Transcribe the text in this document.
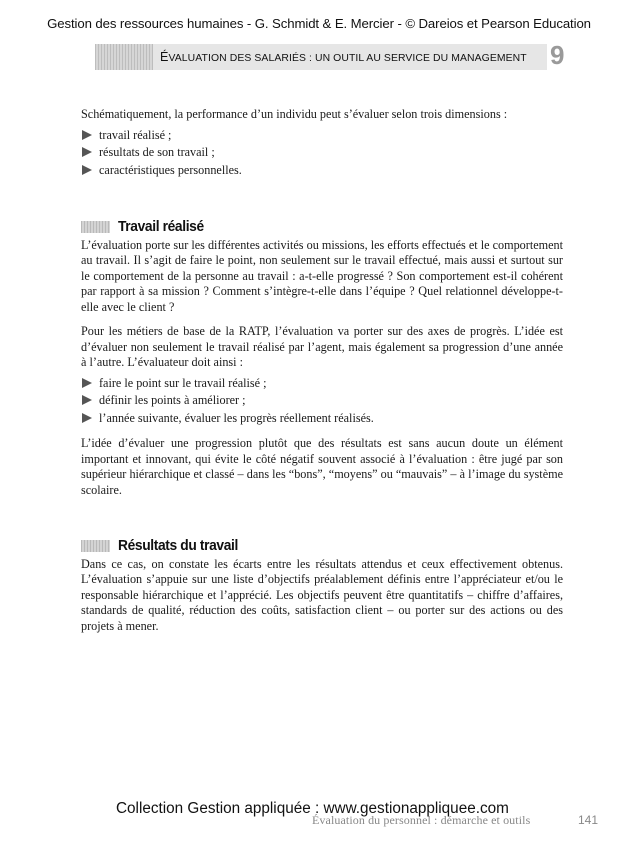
Gestion des ressources humaines - G. Schmidt & E. Mercier - © Dareios et Pearson Education
ÉVALUATION DES SALARIÉS : UN OUTIL AU SERVICE DU MANAGEMENT 9

Schématiquement, la performance d’un individu peut s’évaluer selon trois dimensions :

travail réalisé ;
résultats de son travail ;
caractéristiques personnelles.
Travail réalisé

L’évaluation porte sur les différentes activités ou missions, les efforts effectués et le comportement au travail. Il s’agit de faire le point, non seulement sur le travail effectué, mais aussi et surtout sur le comportement de la personne au travail : a-t-elle progressé ? Son comportement est-il cohérent par rapport à sa mission ? Comment s’intègre-t-elle dans l’équipe ? Quel relationnel développe-t-elle avec le client ?

Pour les métiers de base de la RATP, l’évaluation va porter sur des axes de progrès. L’idée est d’évaluer non seulement le travail réalisé par l’agent, mais également sa progression d’une année à l’autre. L’évaluateur doit ainsi :

faire le point sur le travail réalisé ;
définir les points à améliorer ;
l’année suivante, évaluer les progrès réellement réalisés.

L’idée d’évaluer une progression plutôt que des résultats est sans aucun doute un élément important et innovant, qui évite le côté négatif souvent associé à l’évaluation : être jugé par son supérieur hiérarchique et classé – dans les “bons”, “moyens” ou “mauvais” – à l’image du système scolaire.

Résultats du travail

Dans ce cas, on constate les écarts entre les résultats attendus et ceux effectivement obtenus. L’évaluation s’appuie sur une liste d’objectifs préalablement définis entre l’appréciateur et/ou le responsable hiérarchique et l’apprécié. Les objectifs peuvent être quantitatifs – chiffre d’affaires, standards de qualité, réduction des coûts, satisfaction client – ou porter sur des actions ou des projets à mener.

Collection Gestion appliquée : www.gestionappliquee.com
Évaluation du personnel : démarche et outils	141
